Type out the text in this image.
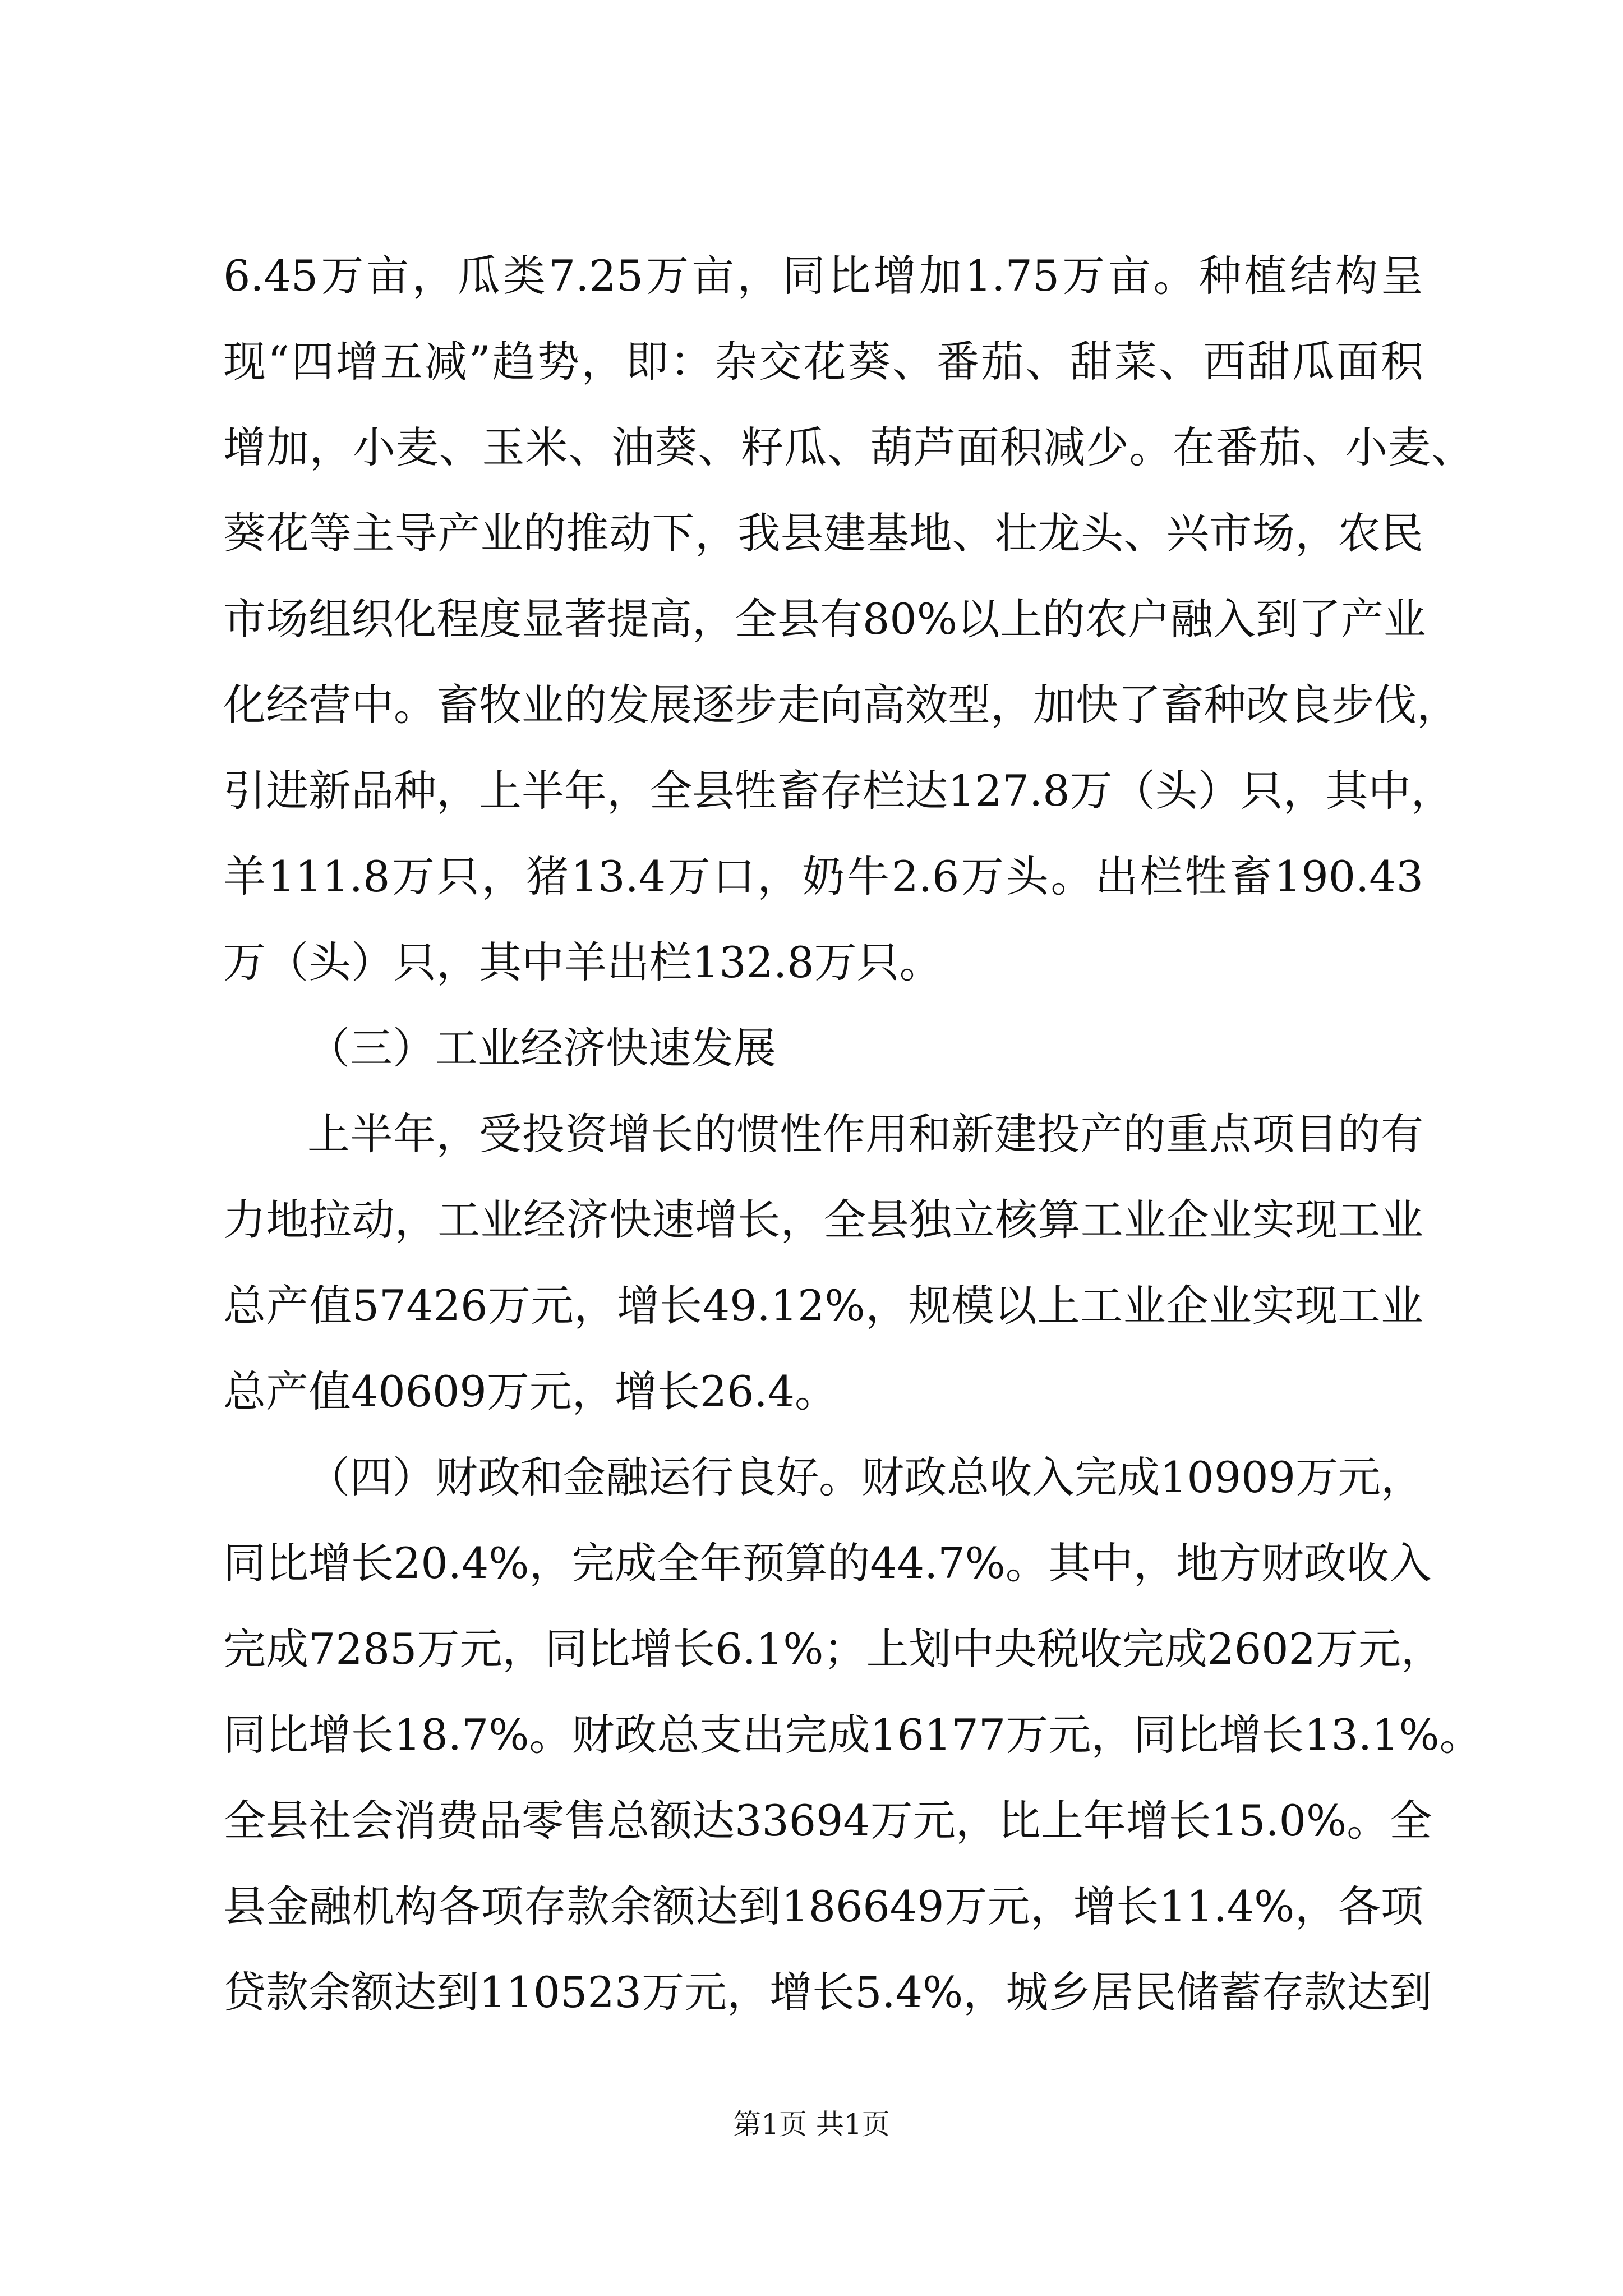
6.45万亩，瓜类7.25万亩，同比增加1.75万亩。种植结构呈
现“四增五减”趋势，即：杂交花葵、番茄、甜菜、西甜瓜面积
增加，小麦、玉米、油葵、籽瓜、葫芦面积减少。在番茄、小麦、
葵花等主导产业的推动下，我县建基地、壮龙头、兴市场，农民
市场组织化程度显著提高，全县有80%以上的农户融入到了产业
化经营中。畜牧业的发展逐步走向高效型，加快了畜种改良步伐，
引进新品种，上半年，全县牲畜存栏达127.8万（头）只，其中，
羊111.8万只，猪13.4万口，奶牛2.6万头。出栏牲畜190.43
万（头）只，其中羊出栏132.8万只。
（三）工业经济快速发展
上半年，受投资增长的惯性作用和新建投产的重点项目的有
力地拉动，工业经济快速增长，全县独立核算工业企业实现工业
总产值57426万元，增长49.12%，规模以上工业企业实现工业
总产值40609万元，增长26.4。
（四）财政和金融运行良好。财政总收入完成10909万元，
同比增长20.4%，完成全年预算的44.7%。其中，地方财政收入
完成7285万元，同比增长6.1%；上划中央税收完成2602万元，
同比增长18.7%。财政总支出完成16177万元，同比增长13.1%。
全县社会消费品零售总额达33694万元，比上年增长15.0%。全
县金融机构各项存款余额达到186649万元，增长11.4%，各项
贷款余额达到110523万元，增长5.4%，城乡居民储蓄存款达到
第1页 共1页
